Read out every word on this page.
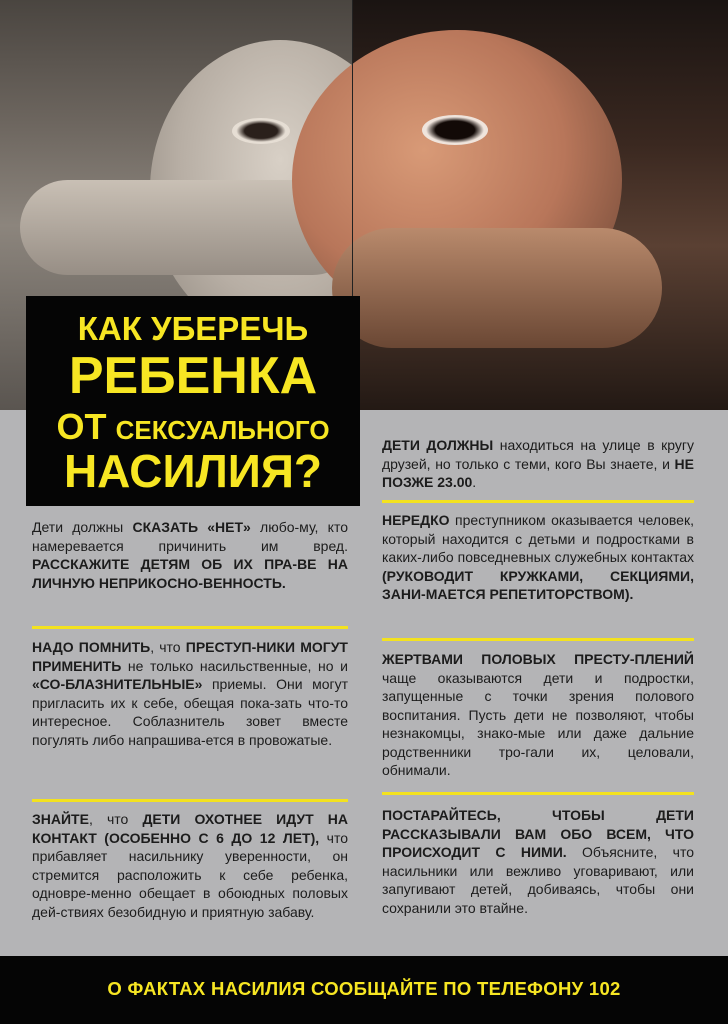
КАК УБЕРЕЧЬ
РЕБЕНКА
ОТ СЕКСУАЛЬНОГО
НАСИЛИЯ?
Дети должны СКАЗАТЬ «НЕТ» любо-му, кто намеревается причинить им вред. РАССКАЖИТЕ ДЕТЯМ ОБ ИХ ПРА-ВЕ НА ЛИЧНУЮ НЕПРИКОСНО-ВЕННОСТЬ.
НАДО ПОМНИТЬ, что ПРЕСТУП-НИКИ МОГУТ ПРИМЕНИТЬ не только насильственные, но и «СО-БЛАЗНИТЕЛЬНЫЕ» приемы. Они могут пригласить их к себе, обещая пока-зать что-то интересное. Соблазнитель зовет вместе погулять либо напрашива-ется в провожатые.
ЗНАЙТЕ, что ДЕТИ ОХОТНЕЕ ИДУТ НА КОНТАКТ (ОСОБЕННО С 6 ДО 12 ЛЕТ), что прибавляет насильнику уверенности, он стремится расположить к себе ребенка, одновре-менно обещает в обоюдных половых дей-ствиях безобидную и приятную забаву.
ДЕТИ ДОЛЖНЫ находиться на улице в кругу друзей, но только с теми, кого Вы знаете, и НЕ ПОЗЖЕ 23.00.
НЕРЕДКО преступником оказывается человек, который находится с детьми и подростками в каких-либо повседневных служебных контактах (РУКОВОДИТ КРУЖКАМИ, СЕКЦИЯМИ, ЗАНИ-МАЕТСЯ РЕПЕТИТОРСТВОМ).
ЖЕРТВАМИ ПОЛОВЫХ ПРЕСТУ-ПЛЕНИЙ чаще оказываются дети и подростки, запущенные с точки зрения полового воспитания. Пусть дети не позволяют, чтобы незнакомцы, знако-мые или даже дальние родственники тро-гали их, целовали, обнимали.
ПОСТАРАЙТЕСЬ, ЧТОБЫ ДЕТИ РАССКАЗЫВАЛИ ВАМ ОБО ВСЕМ, ЧТО ПРОИСХОДИТ С НИМИ. Объясните, что насильники или вежливо уговаривают, или запугивают детей, добиваясь, чтобы они сохранили это втайне.
О ФАКТАХ НАСИЛИЯ СООБЩАЙТЕ ПО ТЕЛЕФОНУ 102
